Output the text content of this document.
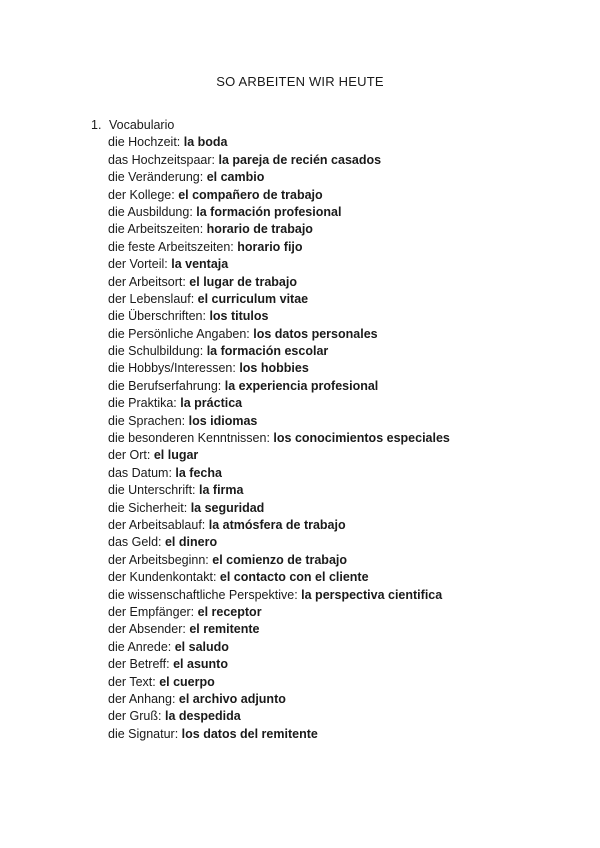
SO ARBEITEN WIR HEUTE
1. Vocabulario
die Hochzeit: la boda
das Hochzeitspaar: la pareja de recién casados
die Veränderung: el cambio
der Kollege: el compañero de trabajo
die Ausbildung: la formación profesional
die Arbeitszeiten: horario de trabajo
die feste Arbeitszeiten: horario fijo
der Vorteil: la ventaja
der Arbeitsort: el lugar de trabajo
der Lebenslauf: el curriculum vitae
die Überschriften: los titulos
die Persönliche Angaben: los datos personales
die Schulbildung: la formación escolar
die Hobbys/Interessen: los hobbies
die Berufserfahrung: la experiencia profesional
die Praktika: la práctica
die Sprachen: los idiomas
die besonderen Kenntnissen: los conocimientos especiales
der Ort: el lugar
das Datum: la fecha
die Unterschrift: la firma
die Sicherheit: la seguridad
der Arbeitsablauf: la atmósfera de trabajo
das Geld: el dinero
der Arbeitsbeginn: el comienzo de trabajo
der Kundenkontakt: el contacto con el cliente
die wissenschaftliche Perspektive: la perspectiva cientifica
der Empfänger: el receptor
der Absender: el remitente
die Anrede: el saludo
der Betreff: el asunto
der Text: el cuerpo
der Anhang: el archivo adjunto
der Gruß: la despedida
die Signatur: los datos del remitente
